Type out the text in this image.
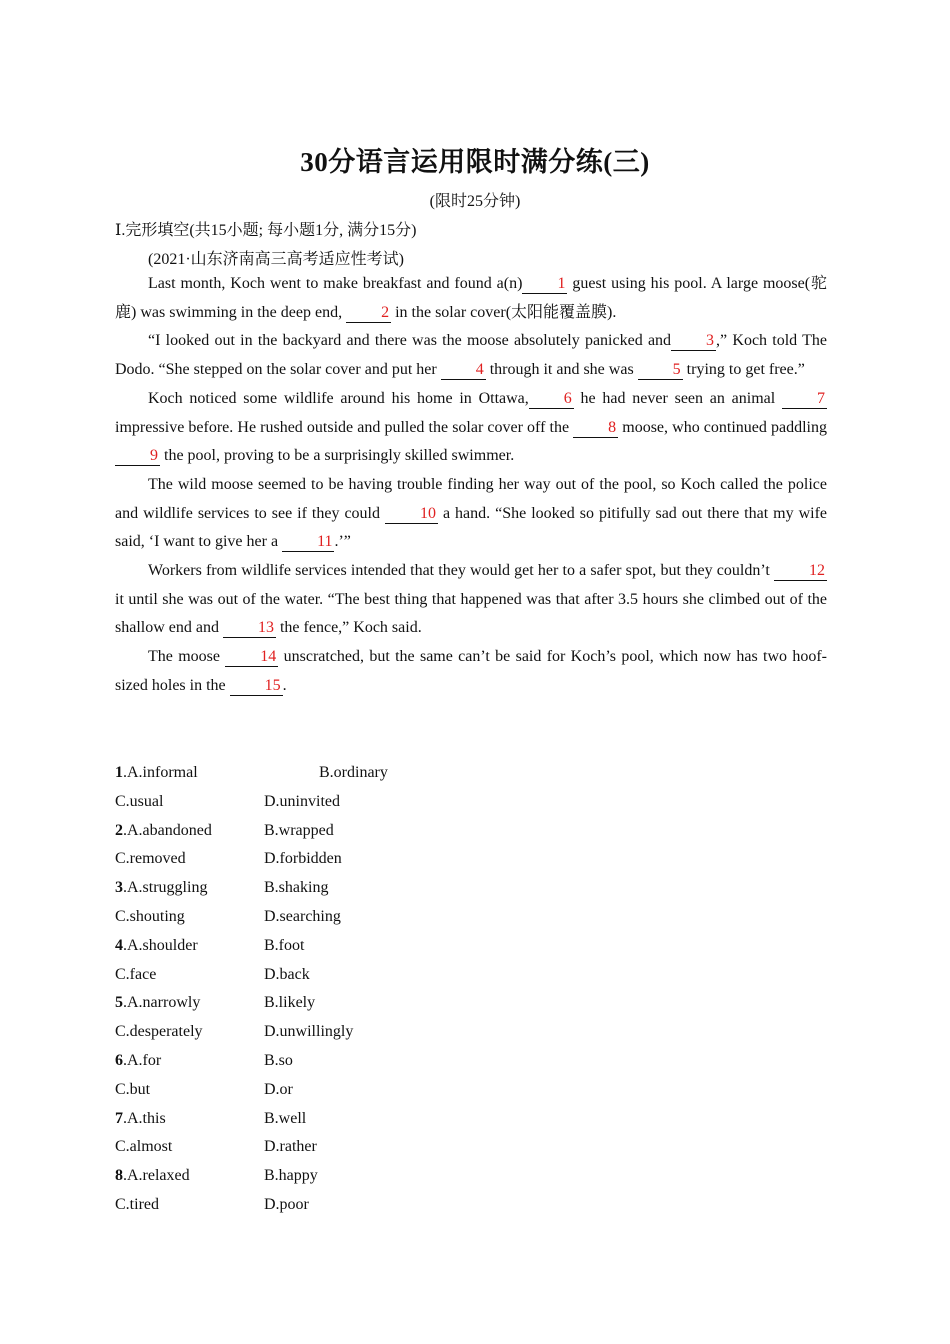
30分语言运用限时满分练(三)
(限时25分钟)
Ⅰ.完形填空(共15小题; 每小题1分, 满分15分)
(2021·山东济南高三高考适应性考试)

Last month, Koch went to make breakfast and found a(n) 1 guest using his pool. A large moose(驼鹿) was swimming in the deep end, 2 in the solar cover(太阳能覆盖膜).

“I looked out in the backyard and there was the moose absolutely panicked and 3 ,” Koch told The Dodo. “She stepped on the solar cover and put her 4 through it and she was 5 trying to get free.”

Koch noticed some wildlife around his home in Ottawa, 6 he had never seen an animal 7 impressive before. He rushed outside and pulled the solar cover off the 8 moose, who continued paddling 9 the pool, proving to be a surprisingly skilled swimmer.

The wild moose seemed to be having trouble finding her way out of the pool, so Koch called the police and wildlife services to see if they could 10 a hand. “She looked so pitifully sad out there that my wife said, ‘I want to give her a 11 .’”

Workers from wildlife services intended that they would get her to a safer spot, but they couldn’t 12it until she was out of the water. “The best thing that happened was that after 3.5 hours she climbed out of the shallow end and 13 the fence,” Koch said.

The moose 14 unscratched, but the same can’t be said for Koch’s pool, which now has two hoof-sized holes in the 15 .

1.A.informal	B.ordinary
C.usual	D.uninvited
2.A.abandoned	B.wrapped
C.removed	D.forbidden
3.A.struggling	B.shaking
C.shouting	D.searching
4.A.shoulder	B.foot
C.face	D.back
5.A.narrowly	B.likely
C.desperately	D.unwillingly
6.A.for	B.so
C.but	D.or
7.A.this	B.well
C.almost	D.rather
8.A.relaxed	B.happy
C.tired	D.poor
